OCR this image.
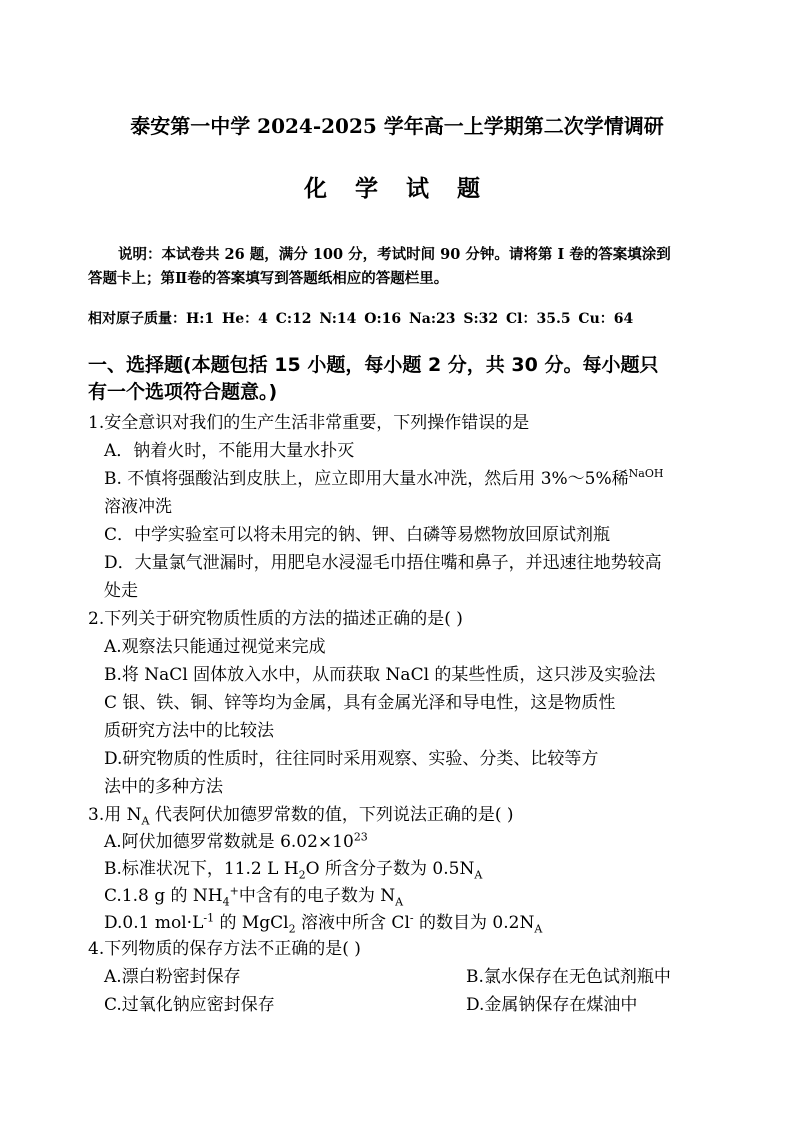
泰安第一中学 2024-2025 学年高一上学期第二次学情调研
化 学 试 题
说明：本试卷共 26 题，满分 100 分，考试时间 90 分钟。请将第 I 卷的答案填涂到
答题卡上；第Ⅱ卷的答案填写到答题纸相应的答题栏里。
相对原子质量：H:1 He：4 C:12 N:14 O:16 Na:23 S:32 Cl：35.5 Cu：64
一、选择题(本题包括 15 小题，每小题 2 分，共 30 分。每小题只
有一个选项符合题意。)
1.安全意识对我们的生产生活非常重要，下列操作错误的是
A．钠着火时，不能用大量水扑灭
B. 不慎将强酸沾到皮肤上，应立即用大量水冲洗，然后用 3%～5%稀$^{NaOH}$
溶液冲洗
C．中学实验室可以将未用完的钠、钾、白磷等易燃物放回原试剂瓶
D．大量氯气泄漏时，用肥皂水浸湿毛巾捂住嘴和鼻子，并迅速往地势较高
处走
2.下列关于研究物质性质的方法的描述正确的是( )
A.观察法只能通过视觉来完成
B.将 NaCl 固体放入水中，从而获取 NaCl 的某些性质，这只涉及实验法
C 银、铁、铜、锌等均为金属，具有金属光泽和导电性，这是物质性
质研究方法中的比较法
D.研究物质的性质时，往往同时采用观察、实验、分类、比较等方
法中的多种方法
3.用 $N_A$ 代表阿伏加德罗常数的值，下列说法正确的是( )
A.阿伏加德罗常数就是 $6.02\times 10^{23}$
B.标准状况下，11.2 L $H_2O$ 所含分子数为 $0.5N_A$
C.1.8 g 的 $NH_4^+$中含有的电子数为 $N_A$
D.0.1 $mol\cdot L^{-1}$ 的 MgCl$_2$ 溶液中所含 Cl- 的数目为 $0.2N_A$
4.下列物质的保存方法不正确的是( )
A.漂白粉密封保存	B.氯水保存在无色试剂瓶中
C.过氧化钠应密封保存	D.金属钠保存在煤油中
